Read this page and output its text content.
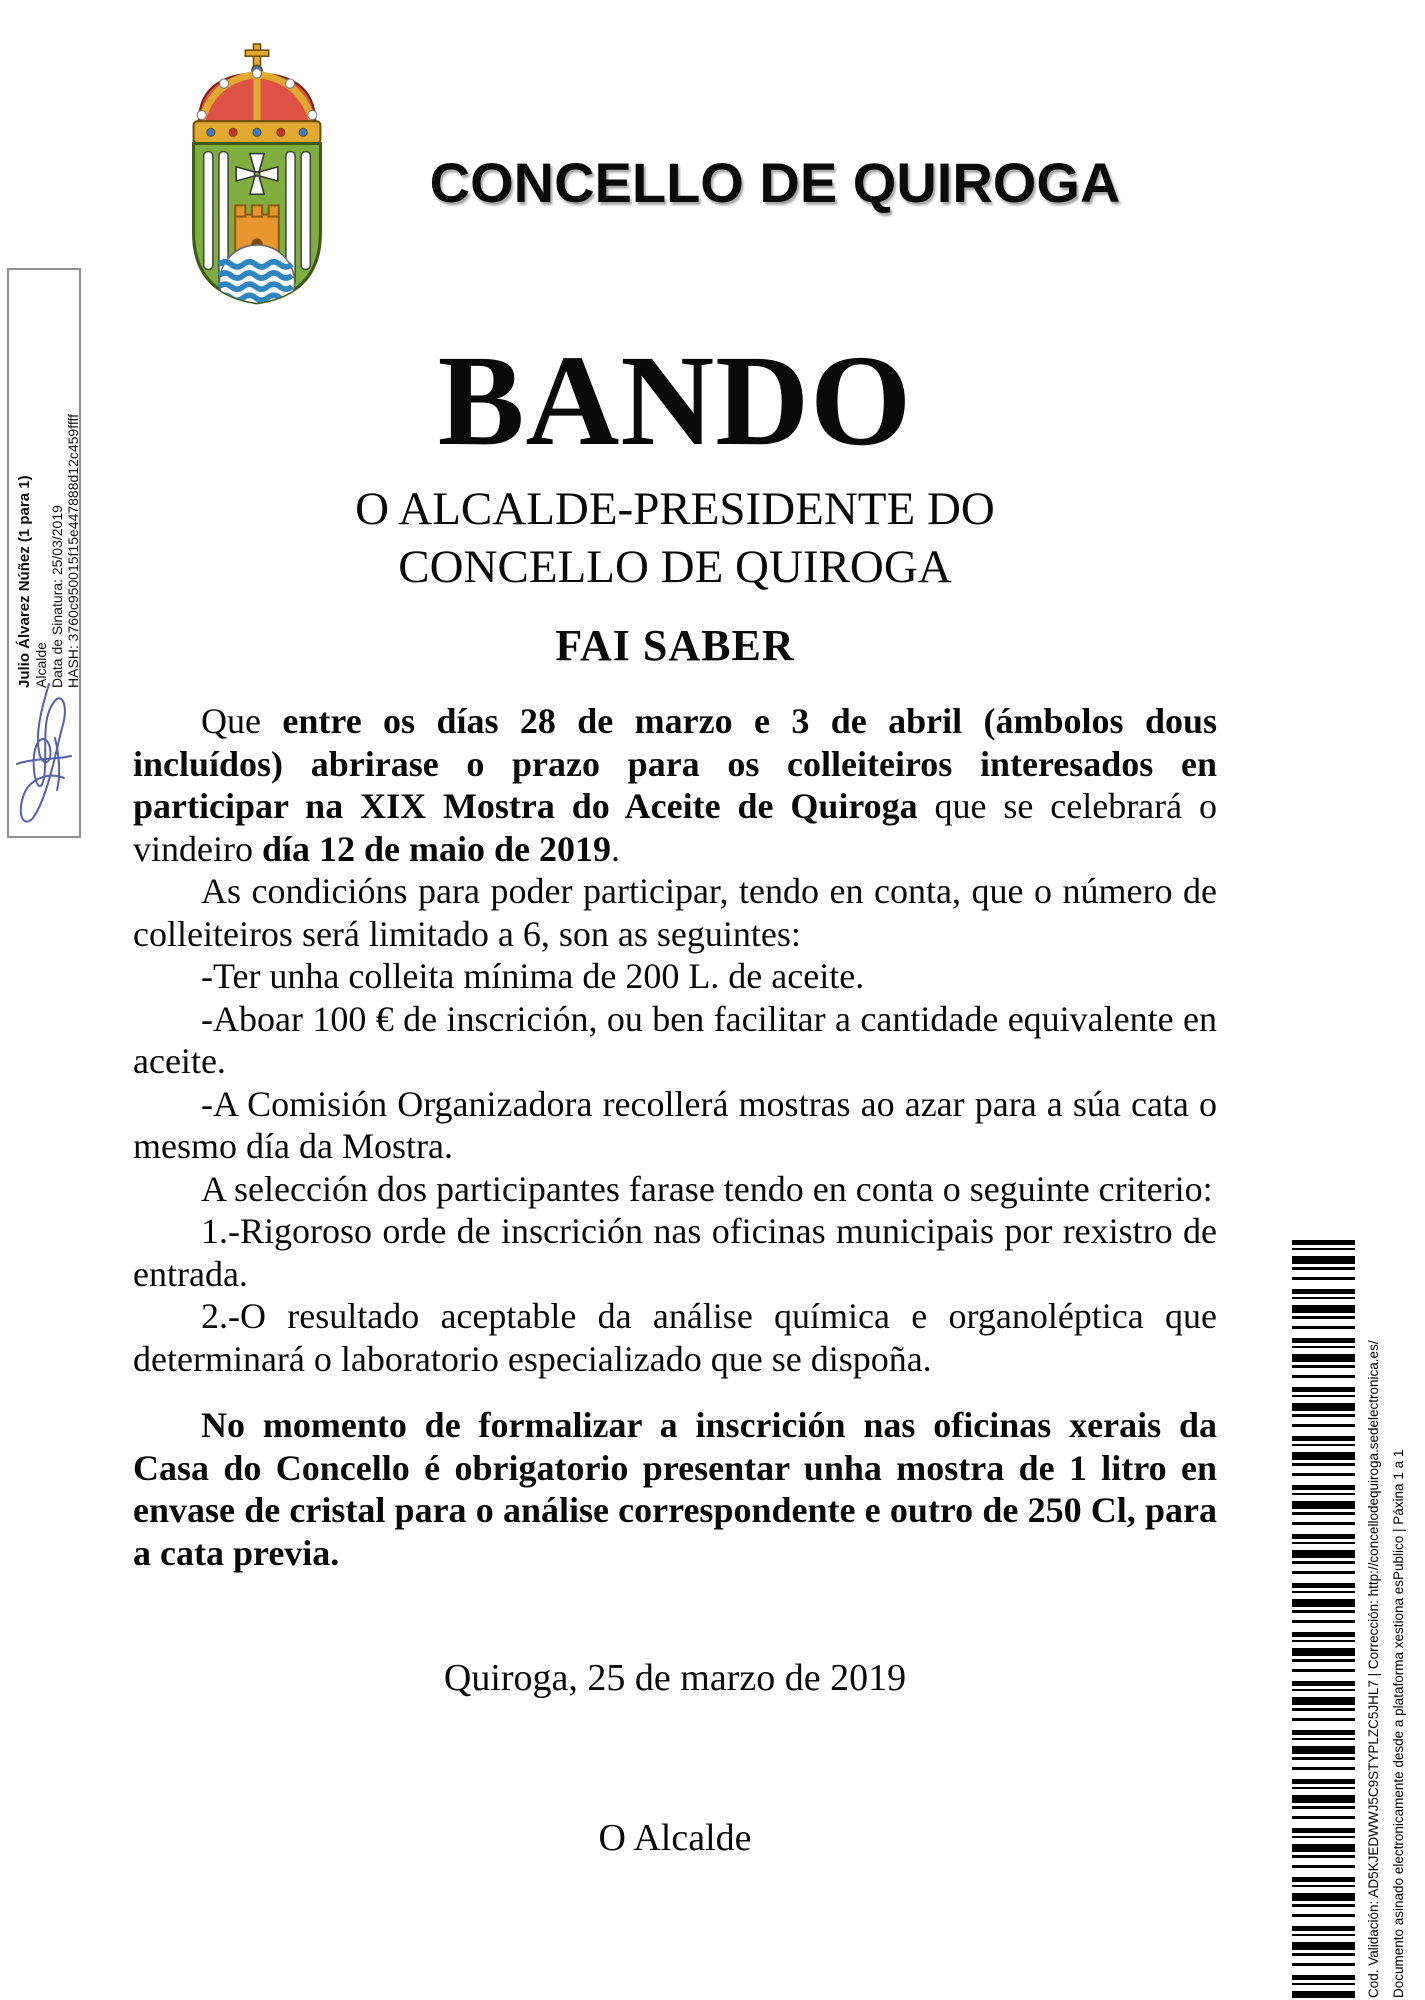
Julio Álvarez Núñez (1 para 1) Alcalde Data de Sinatura: 25/03/2019 HASH: 3760c950015f15e447888d12c459ffff
CONCELLO DE QUIROGA
BANDO
O ALCALDE-PRESIDENTE DO
CONCELLO DE QUIROGA
FAI SABER

Que entre os días 28 de marzo e 3 de abril (ámbolos dous incluídos) abrirase o prazo para os colleiteiros interesados en participar na XIX Mostra do Aceite de Quiroga que se celebrará o vindeiro día 12 de maio de 2019.

As condicións para poder participar, tendo en conta, que o número de colleiteiros será limitado a 6, son as seguintes:

-Ter unha colleita mínima de 200 L. de aceite.

-Aboar 100 € de inscrición, ou ben facilitar a cantidade equivalente en aceite.

-A Comisión Organizadora recollerá mostras ao azar para a súa cata o mesmo día da Mostra.

A selección dos participantes farase tendo en conta o seguinte criterio:

1.-Rigoroso orde de inscrición nas oficinas municipais por rexistro de entrada.

2.-O resultado aceptable da análise química e organoléptica que determinará o laboratorio especializado que se dispoña.

No momento de formalizar a inscrición nas oficinas xerais da Casa do Concello é obrigatorio presentar unha mostra de 1 litro en envase de cristal para o análise correspondente e outro de 250 Cl, para a cata previa.

Quiroga, 25 de marzo de 2019
O Alcalde	Cod. Validación: AD5KJEDWWJ5C9STYPLZC5JHL7 | Corrección: http://concellodequiroga.sedelectronica.es/ Documento asinado electronicamente desde a plataforma xestiona esPublico | Páxina 1 a 1
